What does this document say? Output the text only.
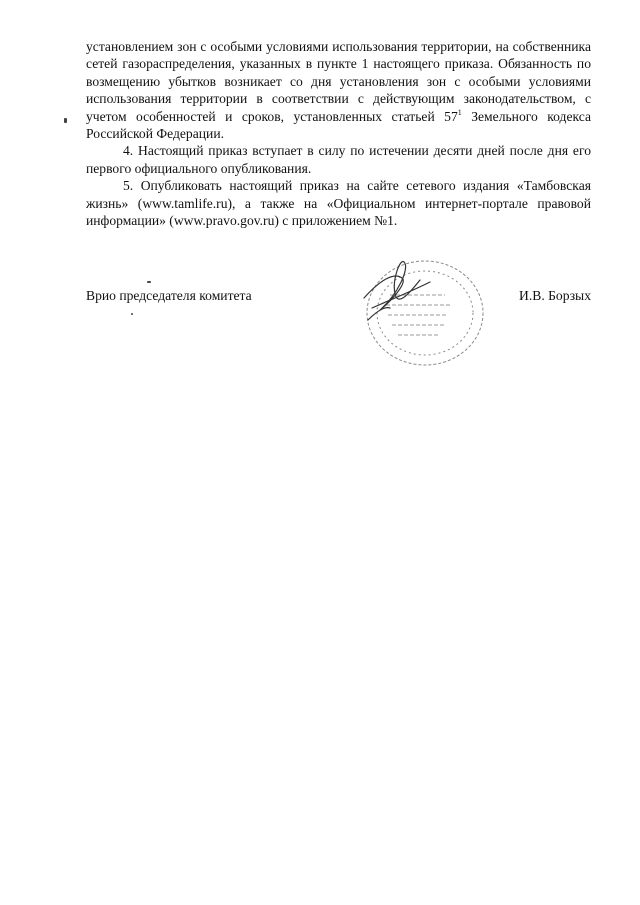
установлением зон с особыми условиями использования территории, на собственника сетей газораспределения, указанных в пункте 1 настоящего приказа. Обязанность по возмещению убытков возникает со дня установления зон с особыми условиями использования территории в соответствии с действующим законодательством, с учетом особенностей и сроков, установленных статьей $57^1$ Земельного кодекса Российской Федерации.

4. Настоящий приказ вступает в силу по истечении десяти дней после дня его первого официального опубликования.

5. Опубликовать настоящий приказ на сайте сетевого издания «Тамбовская жизнь» (www.tamlife.ru), а также на «Официальном интернет-портале правовой информации» (www.pravo.gov.ru) с приложением №1.

Врио председателя комитета	И.В. Борзых
